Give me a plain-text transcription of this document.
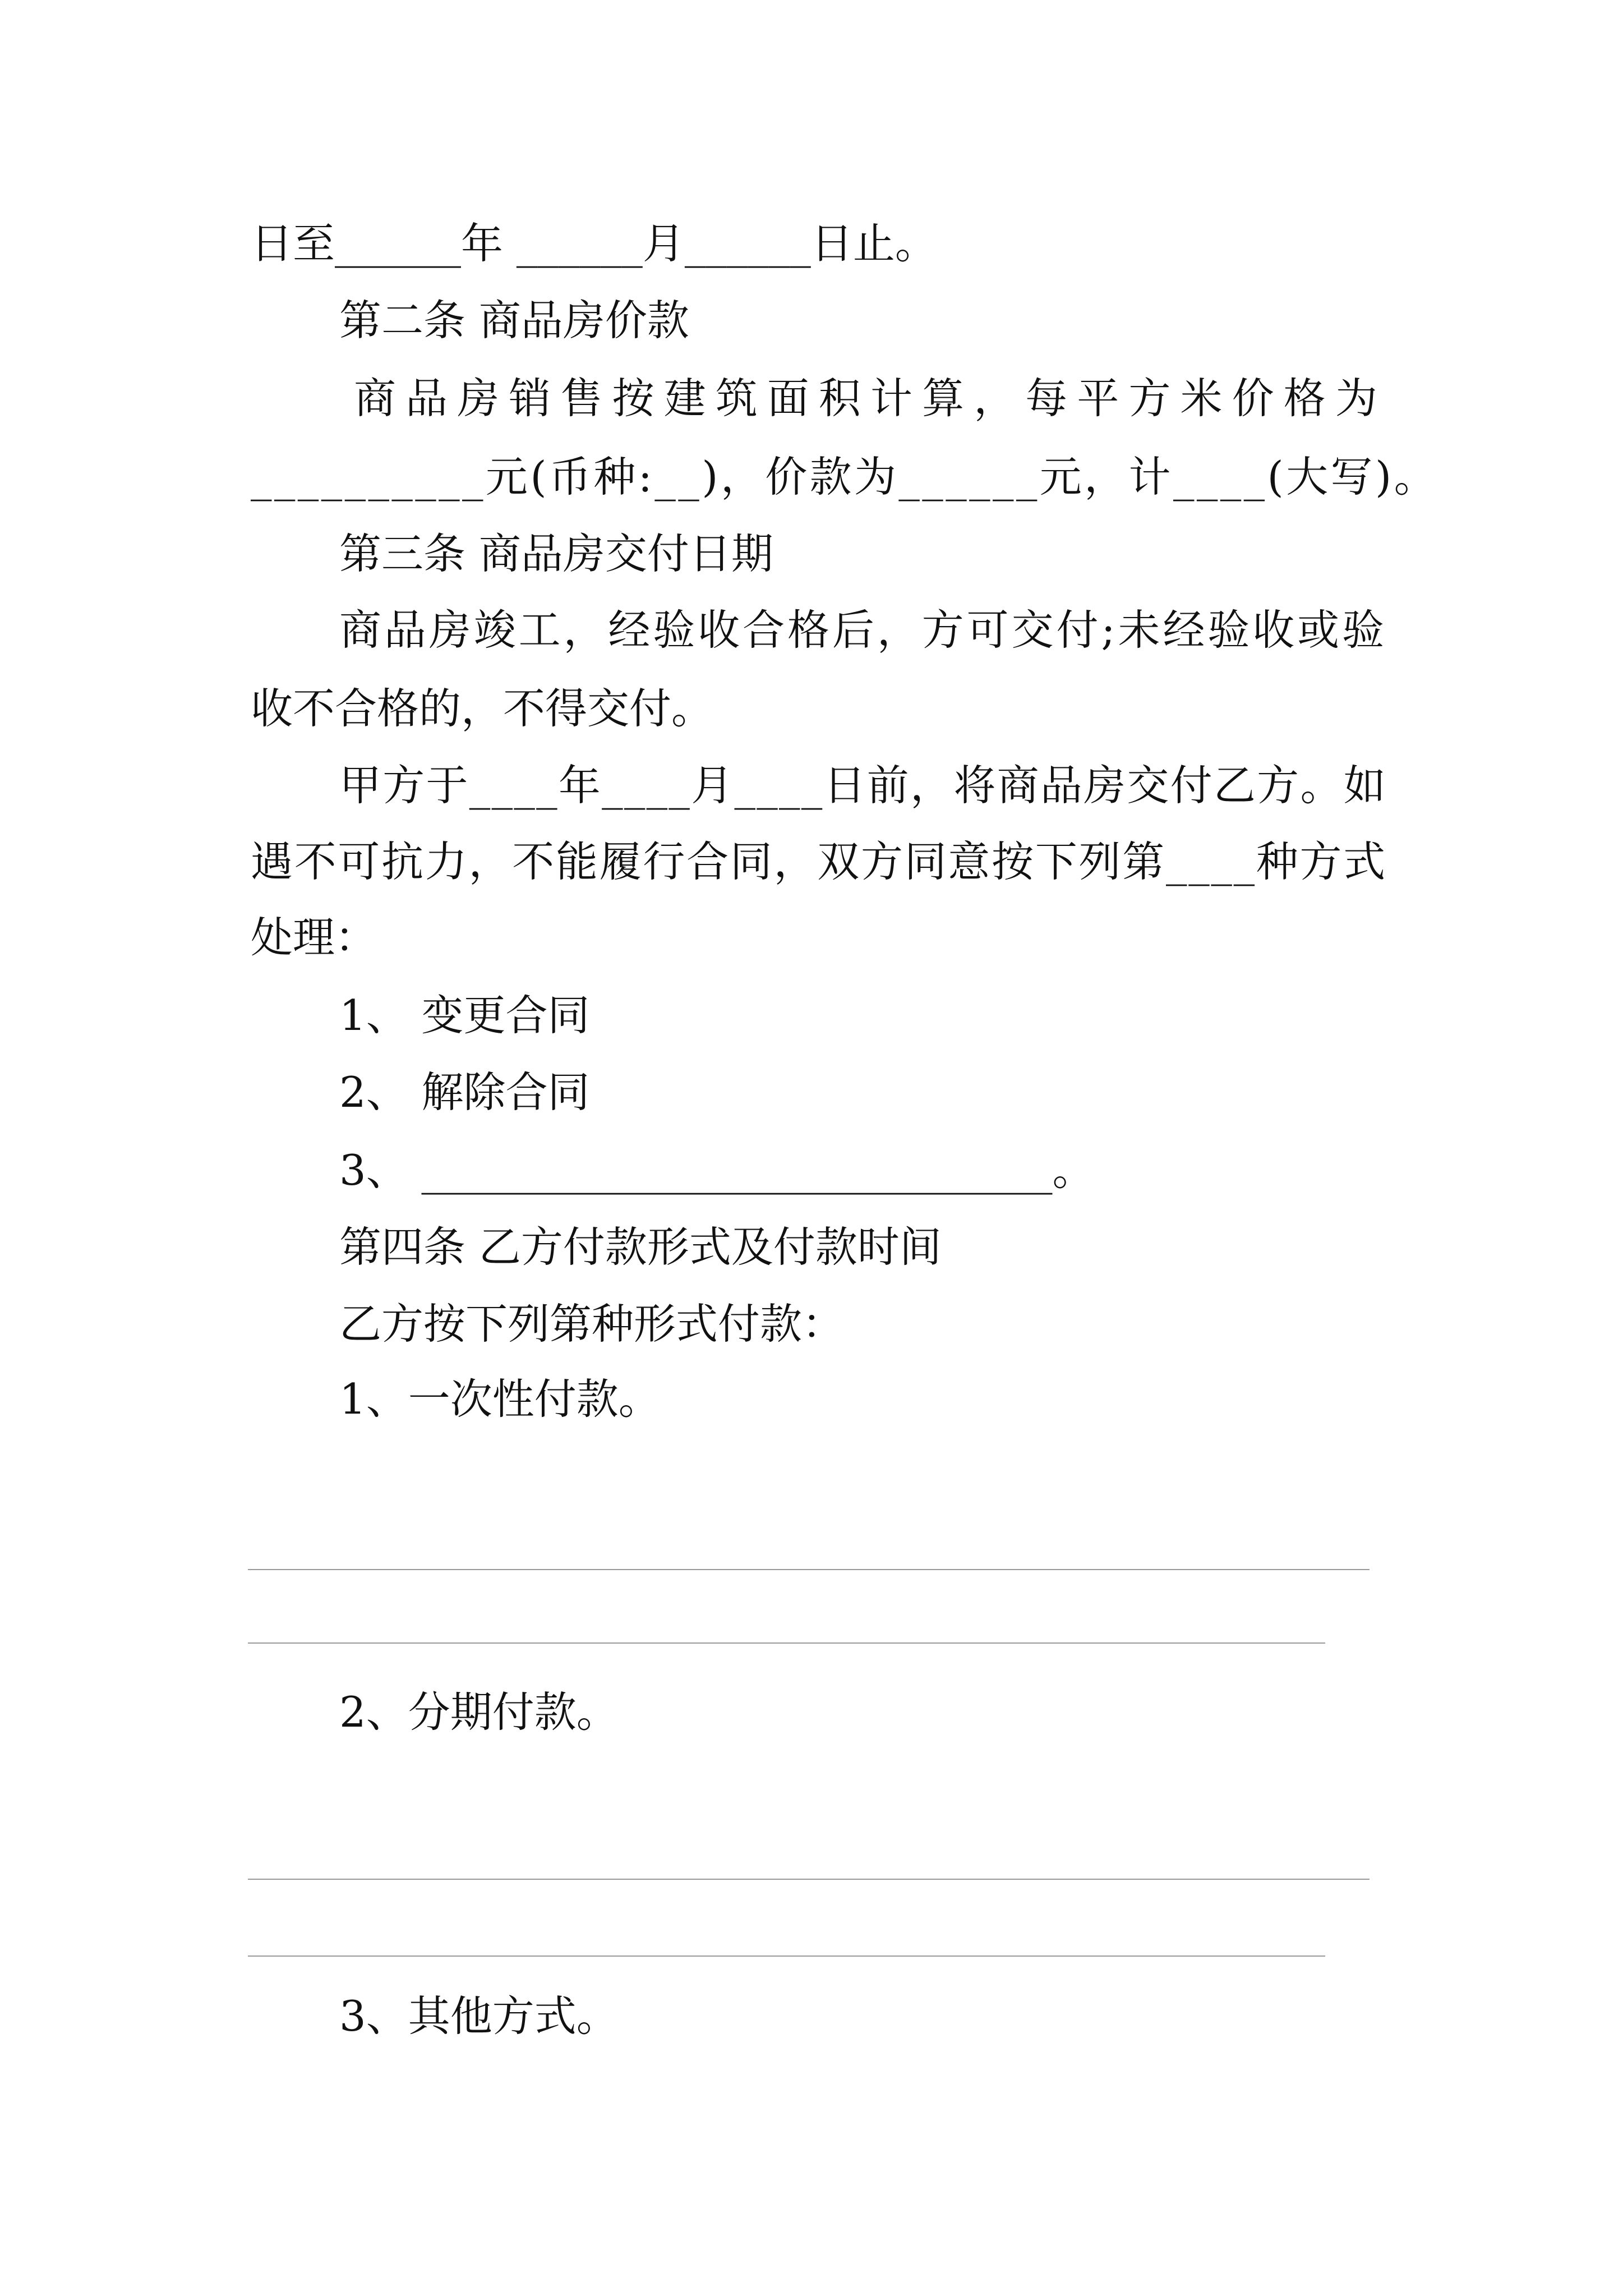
日至______年 ______月______日止。
第二条 商品房价款
商品房销售按建筑面积计算，每平方米价格为
__________元(币种:__)，价款为______元，计____(大写)。
第三条 商品房交付日期
商品房竣工，经验收合格后，方可交付;未经验收或验
收不合格的，不得交付。
甲方于____年____月____日前，将商品房交付乙方。如
遇不可抗力，不能履行合同，双方同意按下列第____种方式
处理：
1、 变更合同
2、 解除合同
3、 ______________________________。
第四条 乙方付款形式及付款时间
乙方按下列第种形式付款：
1、一次性付款。
2、分期付款。
3、其他方式。
